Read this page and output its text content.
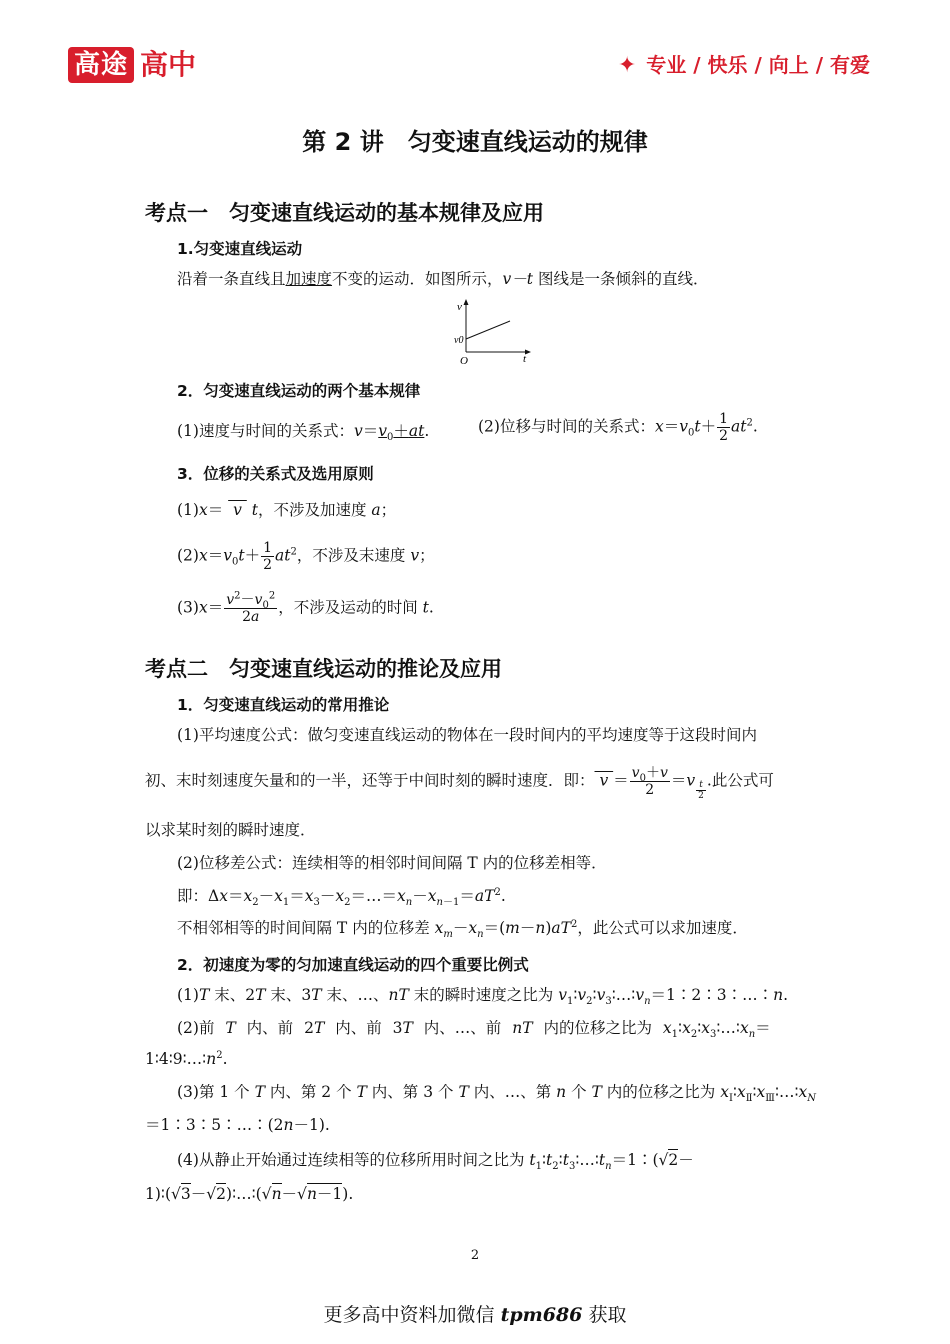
高途 高中	✦ 专业 / 快乐 / 向上 / 有爱
第 2 讲　匀变速直线运动的规律
考点一　匀变速直线运动的基本规律及应用
1.匀变速直线运动
沿着一条直线且加速度不变的运动．如图所示，v－t 图线是一条倾斜的直线．
v
v0
O	t
2．匀变速直线运动的两个基本规律
(1)速度与时间的关系式：$v=v_0+at$.	(2)位移与时间的关系式：$x=v_0t+ \frac{1}{2} at^2$.
3．位移的关系式及选用原则
(1)x＝  v  t，不涉及加速度 a；
$(2)x=v_0t+ \frac{1}{2} at^2$，不涉及末速度 v；
$(3)x= \frac{v^2-v_0^2}{2a}$ ，不涉及运动的时间 t.
考点二　匀变速直线运动的推论及应用
1．匀变速直线运动的常用推论
(1)平均速度公式：做匀变速直线运动的物体在一段时间内的平均速度等于这段时间内
初、末时刻速度矢量和的一半，还等于中间时刻的瞬时速度．即： $v = \frac{v_0+v}{2} =v \frac{t}{2}$ .此公式可
以求某时刻的瞬时速度．
(2)位移差公式：连续相等的相邻时间间隔 T 内的位移差相等．
即：$\Delta x=x_2-x_1=x_3-x_2=\dots=x_n-x_{n-1}=aT^2$.
不相邻相等的时间间隔 T 内的位移差 $x_m-x_n=(m-n)aT^2$，此公式可以求加速度．
2．初速度为零的匀加速直线运动的四个重要比例式
(1)T 末、2T 末、3T 末、…、nT 末的瞬时速度之比为 $v_1∶v_2∶v_3∶\dots∶v_n=1∶2∶3∶\dots∶n$.
(2)前 T 内、前 2T 内、前 3T 内、…、前 nT 内的位移之比为 $x_1∶x_2∶x_3∶\dots∶x_n=$
$1∶4∶9∶\dots∶n^2$.
(3)第 1 个 T 内、第 2 个 T 内、第 3 个 T 内、…、第 n 个 T 内的位移之比为 $x_Ⅰ∶x_Ⅱ∶x_Ⅲ∶\dots∶x_N$
＝1∶3∶5∶…∶(2n－1).
(4)从静止开始通过连续相等的位移所用时间之比为 $t_1∶t_2∶t_3∶\dots∶t_n=1∶(√2-$
1)∶(√3－√2)∶…∶(√n－√n－1).
2
更多高中资料加微信 tpm686 获取
